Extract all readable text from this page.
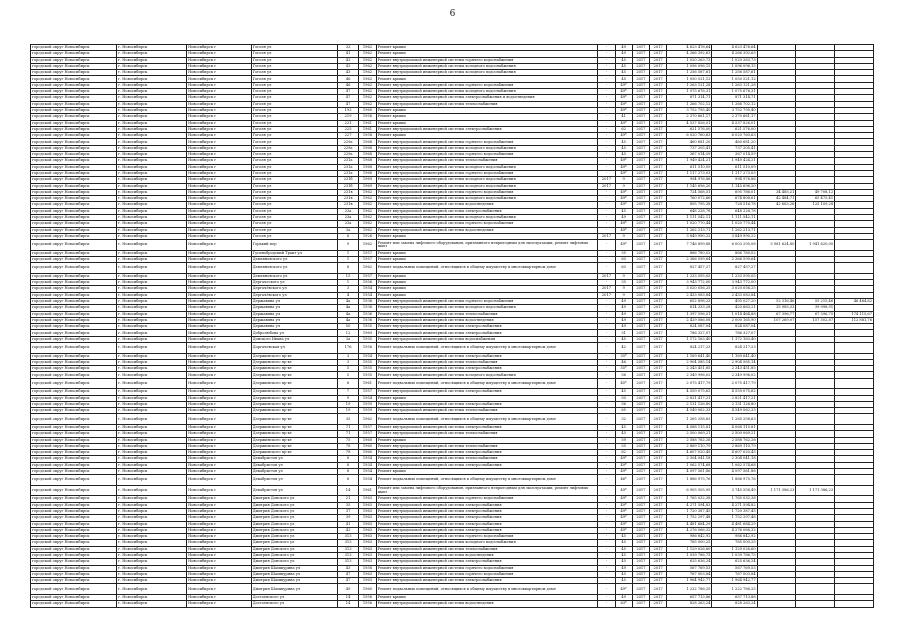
6
городской округ Новосибирск	г. Новосибирск	Новосибирск г	Гоголя ул	33	1962	Ремонт крыши	-	49	2017	2017	4 623 476,64	4 623 476,64			
городской округ Новосибирск	г. Новосибирск	Новосибирск г	Гоголя ул	41	1962	Ремонт крыши	-	49	2017	2017	4 266 392,63	4 266 392,63			
городской округ Новосибирск	г. Новосибирск	Новосибирск г	Гоголя ул	43	1962	Ремонт внутридомовой инженерной системы горячего водоснабжения	-	45	2017	2017	1 020 263,73	1 020 263,73			
городской округ Новосибирск	г. Новосибирск	Новосибирск г	Гоголя ул	43	1962	Ремонт внутридомовой инженерной системы холодного водоснабжения	-	45	2017	2017	1 096 096,15	1 096 096,15			
городской округ Новосибирск	г. Новосибирск	Новосибирск г	Гоголя ул	43	1962	Ремонт внутридомовой инженерной системы холодного водоснабжения	-	45	2017	2017	1 256 587,61	1 256 587,61			
городской округ Новосибирск	г. Новосибирск	Новосибирск г	Гоголя ул	46	1962	Ремонт крыши	-	45	2017	2017	1 050 521,12	1 050 521,12			
городской округ Новосибирск	г. Новосибирск	Новосибирск г	Гоголя ул	46	1962	Ремонт внутридомовой инженерной системы горячего водоснабжения	-	49*	2017	2017	1 263 121,28	1 263 121,28			
городской округ Новосибирск	г. Новосибирск	Новосибирск г	Гоголя ул	47	1962	Ремонт внутридомовой инженерной системы холодного водоснабжения	-	49*	2017	2017	1 075 676,31	1 075 676,31			
городской округ Новосибирск	г. Новосибирск	Новосибирск г	Гоголя ул	47	1962	Ремонт внутридомовой инженерной системы электроснабжения и водоотведения	-	49*	2017	2017	871 314,71	871 314,71			
городской округ Новосибирск	г. Новосибирск	Новосибирск г	Гоголя ул	47	1962	Ремонт внутридомовой инженерной системы теплоснабжения	-	49*	2017	2017	1 266 702,12	1 266 702,12			
городской округ Новосибирск	г. Новосибирск	Новосибирск г	Гоголя ул	193	1960	Ремонт крыши	-	49*	2017	2017	3 752 795,40	3 752 795,40			
городской округ Новосибирск	г. Новосибирск	Новосибирск г	Гоголя ул	219	1956	Ремонт крыши	-	41	2017	2017	2 370 661,17	2 370 661,17			
городской округ Новосибирск	г. Новосибирск	Новосибирск г	Гоголя ул	221	1961	Ремонт крыши	-	49*	2017	2017	4 537 826,01	4 537 826,01			
городской округ Новосибирск	г. Новосибирск	Новосибирск г	Гоголя ул	225	1961	Ремонт внутридомовой инженерной системы электроснабжения	-	62	2017	2017	621 576,00	621 576,00			
городской округ Новосибирск	г. Новосибирск	Новосибирск г	Гоголя ул	227	1958	Ремонт крыши	-	49*	2017	2017	6 020 760,63	6 020 760,63			
городской округ Новосибирск	г. Новосибирск	Новосибирск г	Гоголя ул	229а	1968	Ремонт внутридомовой инженерной системы горячего водоснабжения	-	45	2017	2017	460 681,20	460 681,20			
городской округ Новосибирск	г. Новосибирск	Новосибирск г	Гоголя ул	229а	1968	Ремонт внутридомовой инженерной системы холодного водоснабжения	-	45	2017	2017	737 205,41	737 205,41			
городской округ Новосибирск	г. Новосибирск	Новосибирск г	Гоголя ул	229а	1968	Ремонт внутридомовой инженерной системы горячего водоснабжения	-	45	2017	2017	367 014,59	367 014,59			
городской округ Новосибирск	г. Новосибирск	Новосибирск г	Гоголя ул	231а	1968	Ремонт внутридомовой инженерной системы теплоснабжения	-	49*	2017	2017	1 949 424,21	1 949 424,21			
городской округ Новосибирск	г. Новосибирск	Новосибирск г	Гоголя ул	231а	1968	Ремонт внутридомовой инженерной системы холодного водоснабжения	-	49*	2017	2017	611 510,09	611 510,09			
городской округ Новосибирск	г. Новосибирск	Новосибирск г	Гоголя ул	231а	1968	Ремонт внутридомовой инженерной системы горячего водоснабжения	-	49*	2017	2017	1 117 273,03	1 117 273,03			
городской округ Новосибирск	г. Новосибирск	Новосибирск г	Гоголя ул	231б	1969	Ремонт внутридомовой инженерной системы холодного водоснабжения	2017	9	2017	2017	994 976,86	994 976,86			
городской округ Новосибирск	г. Новосибирск	Новосибирск г	Гоголя ул	231б	1969	Ремонт внутридомовой инженерной системы холодного водоснабжения	2017	9	2017	2017	1 145 696,20	1 145 696,20			
городской округ Новосибирск	г. Новосибирск	Новосибирск г	Гоголя ул	231в	1962	Ремонт внутридомовой инженерной системы горячего водоснабжения	-	49*	2017	2017	724 568,51	695 786,01	34 485,21	49 708,12	
городской округ Новосибирск	г. Новосибирск	Новосибирск г	Гоголя ул	231в	1962	Ремонт внутридомовой инженерной системы холодного водоснабжения	-	49*	2017	2017	760 072,66	674 808,61	42 484,71	65 475,41	
городской округ Новосибирск	г. Новосибирск	Новосибирск г	Гоголя ул	231в	1962	Ремонт внутридомовой инженерной системы водоотведения	-	49*	2017	2017	895 795,38	728 516,78	42 663,26	125 109,28	
городской округ Новосибирск	г. Новосибирск	Новосибирск г	Гоголя ул	23а	1962	Ремонт внутридомовой инженерной системы электроснабжения	-	45	2017	2017	648 228,78	648 228,78			
городской округ Новосибирск	г. Новосибирск	Новосибирск г	Гоголя ул	23а	1962	Ремонт внутридомовой инженерной системы холодного водоснабжения	-	49	2017	2017	1 111 542,11	1 111 542,11			
городской округ Новосибирск	г. Новосибирск	Новосибирск г	Гоголя ул	23а	1962	Ремонт внутридомовой инженерной системы горячего водоснабжения	-	49*	2017	2017	1 020 770,44	1 020 770,44			
городской округ Новосибирск	г. Новосибирск	Новосибирск г	Гоголя ул	3а	1962	Ремонт внутридомовой инженерной системы водоотведения	-	49*	2017	2017	1 262 213,71	1 262 213,71			
городской округ Новосибирск	г. Новосибирск	Новосибирск г	Гоголя ул	6	1926	Ремонт крыши	2017	9	2017	2017	3 849 990,22	3 849 990,22			
городской округ Новосибирск	г. Новосибирск	Новосибирск г	Горький пер	9	1962	Ремонт или замена лифтового оборудования, признанного непригодным для эксплуатации, ремонт лифтовых шахт	-	49*	2017	2017	7 746 899,88	6 003 295,08	5 981 624,80	1 941 620,00	
городской округ Новосибирск	г. Новосибирск	Новосибирск г	Гусинобродский Тракт ул	1	1957	Ремонт крыши	-	35	2017	2017	866 780,02	866 780,02			
городской округ Новосибирск	г. Новосибирск	Новосибирск г	Демьяновского ул	1	1957	Ремонт крыши	-	60	2017	2017	2 366 599,64	2 366 599,64			
городской округ Новосибирск	г. Новосибирск	Новосибирск г	Демьяновского ул	8	1962	Ремонт подвальных помещений, относящихся к общему имуществу в многоквартирном доме	-	63	2017	2017	827 457,27	827 457,27			
городской округ Новосибирск	г. Новосибирск	Новосибирск г	Демьяновского ул	15	1957	Ремонт крыши	2017	9	2017	2017	1 233 595,05	1 233 595,05			
городской округ Новосибирск	г. Новосибирск	Новосибирск г	Дергаческого ул	1	1956	Ремонт крыши	-	35	2017	2017	3 943 772,00	3 943 772,00			
городской округ Новосибирск	г. Новосибирск	Новосибирск г	Дергачёвского ул	3	1954	Ремонт крыши	2017	9	2017	2017	3 020 056,25	3 020 056,25			
городской округ Новосибирск	г. Новосибирск	Новосибирск г	Дергачёвского ул	4	1954	Ремонт крыши	2017	9	2017	2017	2 433 083,84	2 433 083,84			
городской округ Новосибирск	г. Новосибирск	Новосибирск г	Державина ул	4а	1936	Ремонт внутридомовой инженерной системы горячего водоснабжения	-	49	2017	2017	652 898,23	495 027,20	52 316,46	55 215,46	46 484,82
городской округ Новосибирск	г. Новосибирск	Новосибирск г	Державина ул	4а	1936	Ремонт внутридомовой инженерной системы холодного водоснабжения	-	49	2017	2017	614 333,28	420 663,21	35 985,33	39 998,91	
городской округ Новосибирск	г. Новосибирск	Новосибирск г	Державина ул	4а	1936	Ремонт внутридомовой инженерной системы теплоснабжения	-	49	2017	2017	1 397 596,51	1 014 464,88	67 396,77	67 596,75	174 115,67
городской округ Новосибирск	г. Новосибирск	Новосибирск г	Державина ул	4а	1936	Ремонт внутридомовой инженерной системы водоотведения	-	49	2017	2017	2 429 086,08	2 000 165,90	107 269,07	157 502,87	112 881,76
городской округ Новосибирск	г. Новосибирск	Новосибирск г	Державина ул	50	1955	Ремонт внутридомовой инженерной системы электроснабжения	-	49	2017	2017	824 087,04	824 087,04			
городской округ Новосибирск	г. Новосибирск	Новосибирск г	Добролюбова ул	12	1969	Ремонт внутридомовой инженерной системы электроснабжения	-	31	2017	2017	786 327,07	786 327,07			
городской округ Новосибирск	г. Новосибирск	Новосибирск г	Донского Ивана ул	3а	1955	Ремонт внутридомовой инженерной системы водоснабжения	-	45	2017	2017	1 172 163,40	1 172 163,40			
городской округ Новосибирск	г. Новосибирск	Новосибирск г	Доргачевская ул	176	1956	Ремонт подвальных помещений, относящихся к общему имуществу в многоквартирном доме	-	42	2017	2017	824 217,23	824 217,23			
городской округ Новосибирск	г. Новосибирск	Новосибирск г	Дзержинского пр-кт	3	1954	Ремонт внутридомовой инженерной системы электроснабжения	-	55*	2017	2017	1 169 641,40	1 169 641,40			
городской округ Новосибирск	г. Новосибирск	Новосибирск г	Дзержинского пр-кт	3	1955	Ремонт внутридомовой инженерной системы теплоснабжения	-	46	2017	2017	2 904 585,14	2 904 585,14			
городской округ Новосибирск	г. Новосибирск	Новосибирск г	Дзержинского пр-кт	5	1955	Ремонт внутридомовой инженерной системы электроснабжения	-	55*	2017	2017	2 343 451,85	2 343 451,85			
городской округ Новосибирск	г. Новосибирск	Новосибирск г	Дзержинского пр-кт	5	1955	Ремонт внутридомовой инженерной системы холодного водоснабжения	-	56	2017	2017	2 349 996,02	2 349 996,02			
городской округ Новосибирск	г. Новосибирск	Новосибирск г	Дзержинского пр-кт	6	1961	Ремонт подвальных помещений, относящихся к общему имуществу в многоквартирном доме	-	45*	2017	2017	2 075 417,79	2 075 417,79			
городской округ Новосибирск	г. Новосибирск	Новосибирск г	Дзержинского пр-кт	7	1957	Ремонт внутридомовой инженерной системы электроснабжения	-	45	2017	2017	4 559 075,62	4 559 075,62			
городской округ Новосибирск	г. Новосибирск	Новосибирск г	Дзержинского пр-кт	9	1954	Ремонт крыши	-	50	2017	2017	2 821 417,21	2 821 417,21			
городской округ Новосибирск	г. Новосибирск	Новосибирск г	Дзержинского пр-кт	19	1959	Ремонт внутридомовой инженерной системы электроснабжения	-	56	2017	2017	2 131 126,80	2 131 126,80			
городской округ Новосибирск	г. Новосибирск	Новосибирск г	Дзержинского пр-кт	19	1959	Ремонт внутридомовой инженерной системы теплоснабжения	-	65	2017	2017	4 549 062,33	4 549 062,33			
городской округ Новосибирск	г. Новосибирск	Новосибирск г	Дзержинского пр-кт	35	1962	Ремонт подвальных помещений, относящихся к общему имуществу в многоквартирном доме	-	32	2017	2017	1 265 258,63	1 265 258,63			
городской округ Новосибирск	г. Новосибирск	Новосибирск г	Дзержинского пр-кт	71	1957	Ремонт внутридомовой инженерной системы электроснабжения	-	45	2017	2017	4 068 115,81	4 068 115,81			
городской округ Новосибирск	г. Новосибирск	Новосибирск г	Дзержинского пр-кт	71	1957	Ремонт внутридомовой инженерной системы теплоснабжения	-	45	2017	2017	2 500 069,21	2 500 069,21			
городской округ Новосибирск	г. Новосибирск	Новосибирск г	Дзержинского пр-кт	75	1960	Ремонт крыши	-	59	2017	2017	2 588 762,26	2 588 762,26			
городской округ Новосибирск	г. Новосибирск	Новосибирск г	Дзержинского пр-кт	78	1960	Ремонт внутридомовой инженерной системы теплоснабжения	-	55	2017	2017	2 869 110,79	2 869 110,79			
городской округ Новосибирск	г. Новосибирск	Новосибирск г	Дзержинского пр-кт	78	1960	Ремонт внутридомовой инженерной системы электроснабжения	-	62	2017	2017	4 607 020,45	4 607 020,45			
городской округ Новосибирск	г. Новосибирск	Новосибирск г	Декабристов ул	8	1954	Ремонт внутридомовой инженерной системы теплоснабжения	-	49*	2017	2017	2 304 041,18	2 304 041,18			
городской округ Новосибирск	г. Новосибирск	Новосибирск г	Декабристов ул	8	1954	Ремонт внутридомовой инженерной системы электроснабжения	-	49*	2017	2017	1 062 574,68	1 062 574,68			
городской округ Новосибирск	г. Новосибирск	Новосибирск г	Декабристов ул	8	1954	Ремонт крыши	-	49*	2017	2017	4 097 561,86	4 097 561,86			
городской округ Новосибирск	г. Новосибирск	Новосибирск г	Декабристов ул	8	1954	Ремонт подвальных помещений, относящихся к общему имуществу в многоквартирном доме	-	46*	2017	2017	1 886 975,76	1 886 975,76			
городской округ Новосибирск	г. Новосибирск	Новосибирск г	Декабристов ул	14	1961	Ремонт или замена лифтового оборудования, признанного непригодным для эксплуатации, ремонт лифтовых шахт	-	49*	2017	2017	6 905 505,95	3 745 558,49	1 171 386,23	1 171 386,23	
городской округ Новосибирск	г. Новосибирск	Новосибирск г	Дмитрия Донского ул	21	1963	Ремонт внутридомовой инженерной системы горячего водоснабжения	-	49*	2017	2017	1 765 032,38	1 765 032,38			
городской округ Новосибирск	г. Новосибирск	Новосибирск г	Дмитрия Донского ул	35	1963	Ремонт внутридомовой инженерной системы электроснабжения	-	49*	2017	2017	4 271 594,82	4 271 594,82			
городской округ Новосибирск	г. Новосибирск	Новосибирск г	Дмитрия Донского ул	37	1963	Ремонт внутридомовой инженерной системы электроснабжения	-	49*	2017	2017	1 720 387,45	1 720 387,45			
городской округ Новосибирск	г. Новосибирск	Новосибирск г	Дмитрия Донского ул	39	1963	Ремонт внутридомовой инженерной системы электроснабжения	-	49*	2017	2017	1 752 297,48	1 752 297,48			
городской округ Новосибирск	г. Новосибирск	Новосибирск г	Дмитрия Донского ул	41	1963	Ремонт внутридомовой инженерной системы электроснабжения	-	49*	2017	2017	4 481 684,29	4 481 684,29			
городской округ Новосибирск	г. Новосибирск	Новосибирск г	Дмитрия Донского ул	43	1963	Ремонт внутридомовой инженерной системы электроснабжения	-	49*	2017	2017	4 276 066,32	4 276 066,32			
городской округ Новосибирск	г. Новосибирск	Новосибирск г	Дмитрия Донского ул	313	1963	Ремонт внутридомовой инженерной системы горячего водоснабжения	-	45	2017	2017	986 842,92	986 842,92			
городской округ Новосибирск	г. Новосибирск	Новосибирск г	Дмитрия Донского ул	313	1963	Ремонт внутридомовой инженерной системы холодного водоснабжения	-	45	2017	2017	765 000,25	765 000,25			
городской округ Новосибирск	г. Новосибирск	Новосибирск г	Дмитрия Донского ул	313	1963	Ремонт внутридомовой инженерной системы теплоснабжения	-	45	2017	2017	1 129 026,60	1 129 026,60			
городской округ Новосибирск	г. Новосибирск	Новосибирск г	Дмитрия Донского ул	313	1963	Ремонт внутридомовой инженерной системы водоотведения	-	45	2017	2017	1 039 786,75	1 039 786,75			
городской округ Новосибирск	г. Новосибирск	Новосибирск г	Дмитрия Донского ул	313	1963	Ремонт внутридомовой инженерной системы электроснабжения	-	45	2017	2017	625 636,24	625 636,24			
городской округ Новосибирск	г. Новосибирск	Новосибирск г	Дмитрия Шамшурина ул	43	1958	Ремонт внутридомовой инженерной системы горячего водоснабжения	-	49	2017	2017	567 769,53	567 769,53			
городской округ Новосибирск	г. Новосибирск	Новосибирск г	Дмитрия Шамшурина ул	47	1963	Ремонт внутридомовой инженерной системы горячего водоснабжения	-	45	2017	2017	767 003,84	767 003,84			
городской округ Новосибирск	г. Новосибирск	Новосибирск г	Дмитрия Шамшурина ул	47	1963	Ремонт внутридомовой инженерной системы электроснабжения	-	45	2017	2017	1 964 942,77	1 964 942,77			
городской округ Новосибирск	г. Новосибирск	Новосибирск г	Дмитрия Шамшурина ул	49	1960	Ремонт подвальных помещений, относящихся к общему имуществу в многоквартирном доме	-	49*	2017	2017	1 222 786,25	1 222 786,25			
городской округ Новосибирск	г. Новосибирск	Новосибирск г	Достоевского ул	14	1956	Ремонт крыши	-	49	2017	2017	657 713,86	657 713,86			
городской округ Новосибирск	г. Новосибирск	Новосибирск г	Достоевского ул	14	1956	Ремонт внутридомовой инженерной системы водоотведения	-	63*	2017	2017	828 263,24	828 263,24			
